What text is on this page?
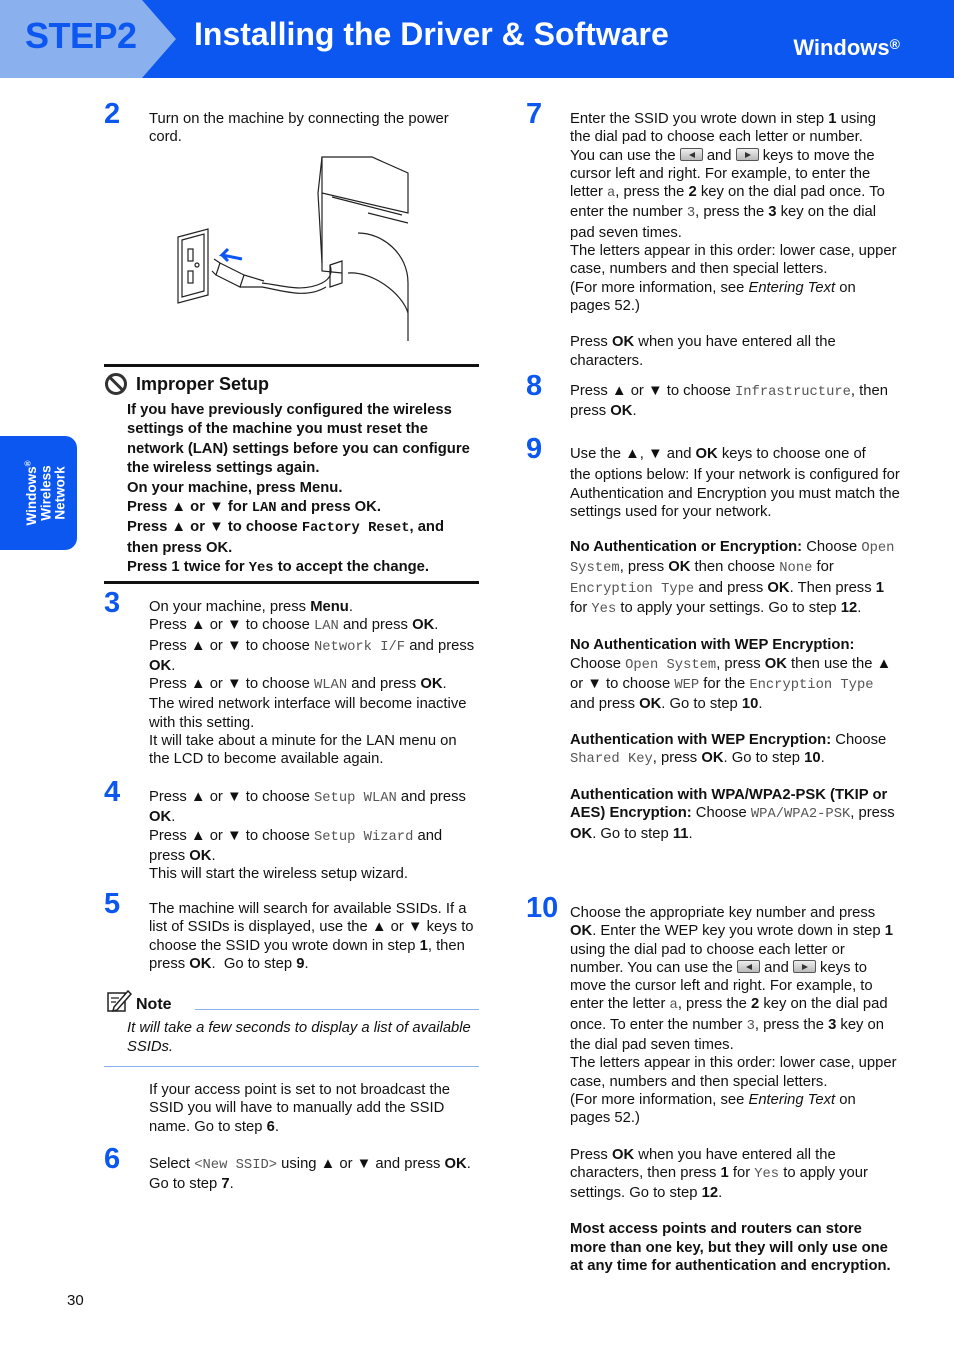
STEP2 Installing the Driver & Software	Windows®
Windows®
Wireless
Network
2 Turn on the machine by connecting the power cord.
Improper Setup

If you have previously configured the wireless settings of the machine you must reset the network (LAN) settings before you can configure the wireless settings again.

On your machine, press Menu.

Press ▲ or ▼ for LAN and press OK.

Press ▲ or ▼ to choose Factory Reset, and then press OK.

Press 1 twice for Yes to accept the change.

3 On your machine, press Menu.

Press ▲ or ▼ to choose LAN and press OK.

Press ▲ or ▼ to choose Network I/F and press OK.

Press ▲ or ▼ to choose WLAN and press OK.

The wired network interface will become inactive with this setting.

It will take about a minute for the LAN menu on the LCD to become available again.

4 Press ▲ or ▼ to choose Setup WLAN and press OK.

Press ▲ or ▼ to choose Setup Wizard and press OK.

This will start the wireless setup wizard.

5 The machine will search for available SSIDs. If a list of SSIDs is displayed, use the ▲ or ▼ keys to choose the SSID you wrote down in step 1, then press OK.  Go to step 9.

Note
It will take a few seconds to display a list of available SSIDs.

If your access point is set to not broadcast the SSID you will have to manually add the SSID name. Go to step 6.

6 Select <New SSID> using ▲ or ▼ and press OK. Go to step 7.

7 Enter the SSID you wrote down in step 1 using the dial pad to choose each letter or number.

You can use the  and  keys to move the cursor left and right. For example, to enter the letter a, press the 2 key on the dial pad once. To enter the number 3, press the 3 key on the dial pad seven times.

The letters appear in this order: lower case, upper case, numbers and then special letters.

(For more information, see Entering Text on pages 52.)

Press OK when you have entered all the characters.

8 Press ▲ or ▼ to choose Infrastructure, then press OK.

9 Use the ▲, ▼ and OK keys to choose one of

the options below: If your network is configured for Authentication and Encryption you must match the settings used for your network.

No Authentication or Encryption: Choose Open System, press OK then choose None for Encryption Type and press OK. Then press 1 for Yes to apply your settings. Go to step 12.

No Authentication with WEP Encryption: Choose Open System, press OK then use the ▲ or ▼ to choose WEP for the Encryption Type and press OK. Go to step 10.

Authentication with WEP Encryption: Choose Shared Key, press OK. Go to step 10.

Authentication with WPA/WPA2-PSK (TKIP or AES) Encryption: Choose WPA/WPA2-PSK, press OK. Go to step 11.

10 Choose the appropriate key number and press OK. Enter the WEP key you wrote down in step 1 using the dial pad to choose each letter or number. You can use the  and  keys to move the cursor left and right. For example, to enter the letter a, press the 2 key on the dial pad once. To enter the number 3, press the 3 key on the dial pad seven times.

The letters appear in this order: lower case, upper case, numbers and then special letters.

(For more information, see Entering Text on pages 52.)

Press OK when you have entered all the characters, then press 1 for Yes to apply your settings. Go to step 12.

Most access points and routers can store more than one key, but they will only use one at any time for authentication and encryption.

30
